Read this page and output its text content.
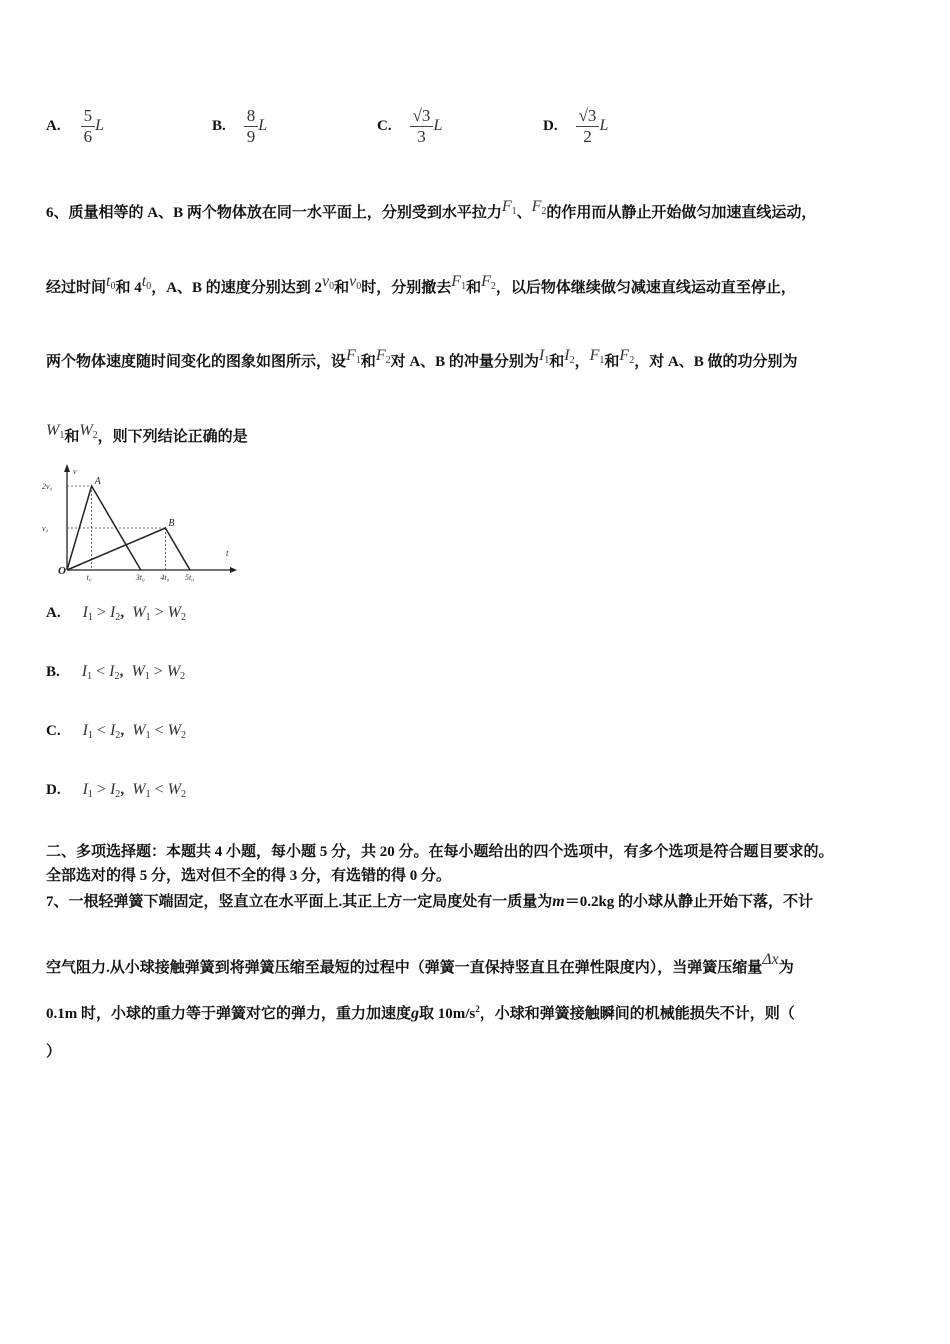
A. $\frac{5}{6}$ L	B. $\frac{8}{9}$ L	C. $\frac{√3}{3}$ L	D. $\frac{√3}{2}$ L
6、质量相等的 A、B 两个物体放在同一水平面上，分别受到水平拉力$F_1$、$F_2$的作用而从静止开始做匀加速直线运动，
经过时间$t_0$和 $4t_0$，A、B 的速度分别达到 $2v_0$和$v_0$时，分别撤去$F_1$和$F_2$，以后物体继续做匀减速直线运动直至停止，
两个物体速度随时间变化的图象如图所示，设$F_1$和$F_2$对 A、B 的冲量分别为$I_1$和$I_2$，$F_1$和$F_2$，对 A、B 做的功分别为
$W_1$和$W_2$，则下列结论正确的是
v
t
O
t₀	3t₀ 4t₀ 5t₀
2v₀
v₀
A
B
A. $I_1 > I_2$, $W_1 > W_2$
B. $I_1 < I_2$, $W_1 > W_2$
C. $I_1 < I_2$, $W_1 < W_2$
D. $I_1 > I_2$, $W_1 < W_2$
二、多项选择题：本题共 4 小题，每小题 5 分，共 20 分。在每小题给出的四个选项中，有多个选项是符合题目要求的。
全部选对的得 5 分，选对但不全的得 3 分，有选错的得 0 分。
7、一根轻弹簧下端固定，竖直立在水平面上.其正上方一定局度处有一质量为m＝0.2kg 的小球从静止开始下落，不计
空气阻力.从小球接触弹簧到将弹簧压缩至最短的过程中（弹簧一直保持竖直且在弹性限度内），当弹簧压缩量Δx为
0.1m 时，小球的重力等于弹簧对它的弹力，重力加速度g取 $10m/s^2$，小球和弹簧接触瞬间的机械能损失不计，则（
）
